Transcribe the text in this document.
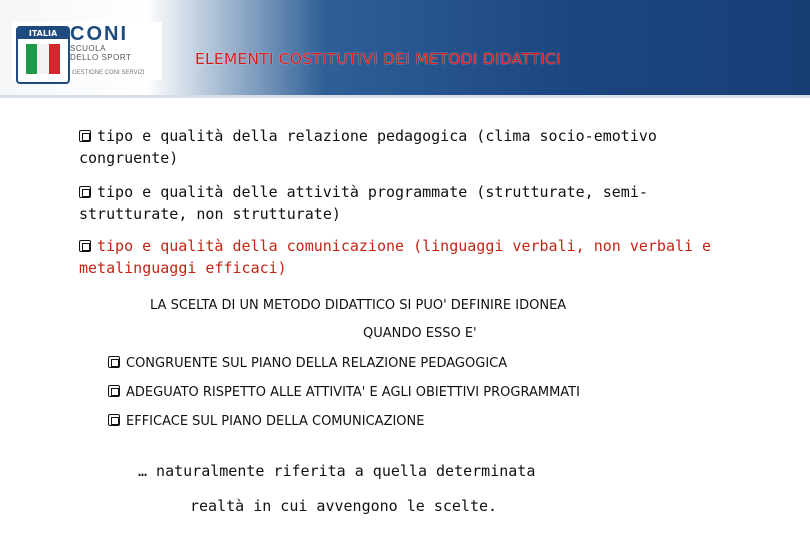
ITALIA CONI
SCUOLA
DELLO SPORT
GESTIONE CONI SERVIZI
ELEMENTI COSTITUTIVI DEI METODI DIDATTICI
tipo e qualità della relazione pedagogica (clima socio-emotivo
congruente)
tipo e qualità delle attività programmate (strutturate, semi-
strutturate, non strutturate)
tipo e qualità della comunicazione (linguaggi verbali, non verbali e
metalinguaggi efficaci)
LA SCELTA DI UN METODO DIDATTICO SI PUO' DEFINIRE IDONEA
QUANDO ESSO E'
CONGRUENTE SUL PIANO DELLA RELAZIONE PEDAGOGICA
ADEGUATO RISPETTO ALLE ATTIVITA' E AGLI OBIETTIVI PROGRAMMATI
EFFICACE SUL PIANO DELLA COMUNICAZIONE
… naturalmente riferita a quella determinata
realtà in cui avvengono le scelte.
